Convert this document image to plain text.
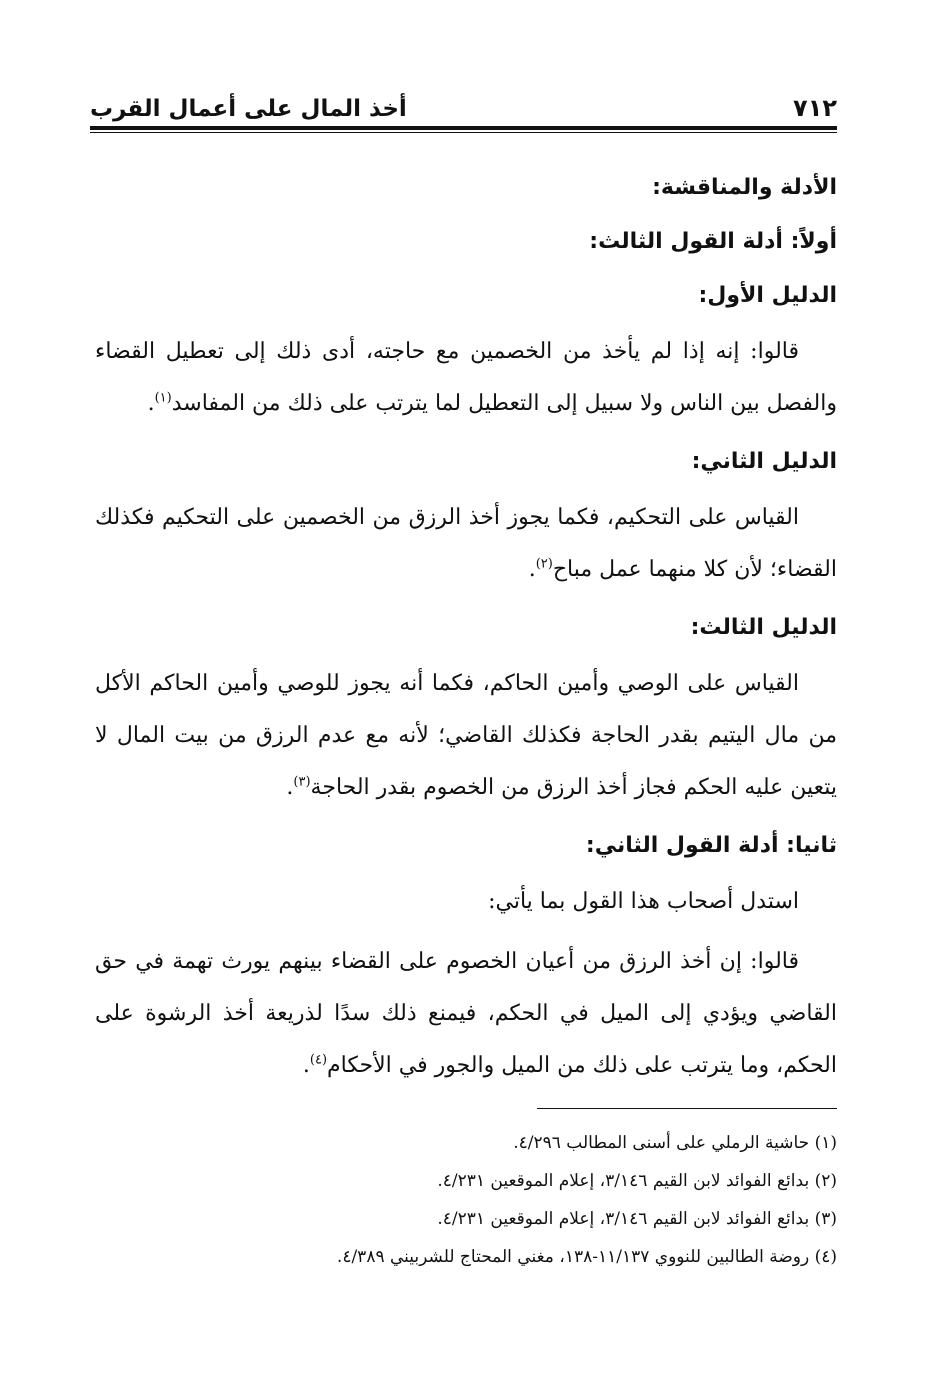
٧١٢
أخذ المال على أعمال القرب
الأدلة والمناقشة:
أولاً: أدلة القول الثالث:
الدليل الأول:

قالوا: إنه إذا لم يأخذ من الخصمين مع حاجته، أدى ذلك إلى تعطيل القضاء والفصل بين الناس ولا سبيل إلى التعطيل لما يترتب على ذلك من المفاسد$^{(١)}$.

الدليل الثاني:

القياس على التحكيم، فكما يجوز أخذ الرزق من الخصمين على التحكيم فكذلك القضاء؛ لأن كلا منهما عمل مباح$^{(٢)}$.

الدليل الثالث:

القياس على الوصي وأمين الحاكم، فكما أنه يجوز للوصي وأمين الحاكم الأكل من مال اليتيم بقدر الحاجة فكذلك القاضي؛ لأنه مع عدم الرزق من بيت المال لا يتعين عليه الحكم فجاز أخذ الرزق من الخصوم بقدر الحاجة$^{(٣)}$.

ثانيا: أدلة القول الثاني:

استدل أصحاب هذا القول بما يأتي:

قالوا: إن أخذ الرزق من أعيان الخصوم على القضاء بينهم يورث تهمة في حق القاضي ويؤدي إلى الميل في الحكم، فيمنع ذلك سدًا لذريعة أخذ الرشوة على الحكم، وما يترتب على ذلك من الميل والجور في الأحكام$^{(٤)}$.

(١) حاشية الرملي على أسنى المطالب ٤/٢٩٦.

(٢) بدائع الفوائد لابن القيم ٣/١٤٦، إعلام الموقعين ٤/٢٣١.

(٣) بدائع الفوائد لابن القيم ٣/١٤٦، إعلام الموقعين ٤/٢٣١.

(٤) روضة الطالبين للنووي ١١/١٣٧-١٣٨، مغني المحتاج للشربيني ٤/٣٨٩.
